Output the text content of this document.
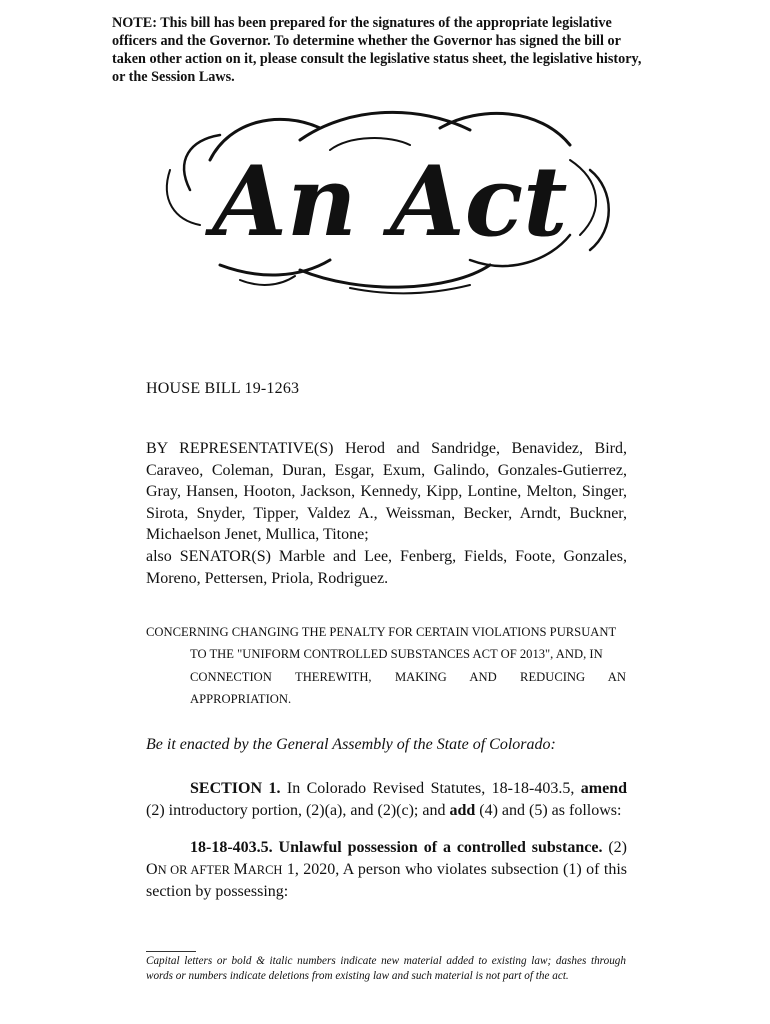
NOTE: This bill has been prepared for the signatures of the appropriate legislative officers and the Governor. To determine whether the Governor has signed the bill or taken other action on it, please consult the legislative status sheet, the legislative history, or the Session Laws.
An Act
HOUSE BILL 19-1263

BY REPRESENTATIVE(S) Herod and Sandridge, Benavidez, Bird, Caraveo, Coleman, Duran, Esgar, Exum, Galindo, Gonzales-Gutierrez, Gray, Hansen, Hooton, Jackson, Kennedy, Kipp, Lontine, Melton, Singer, Sirota, Snyder, Tipper, Valdez A., Weissman, Becker, Arndt, Buckner, Michaelson Jenet, Mullica, Titone;

also SENATOR(S) Marble and Lee, Fenberg, Fields, Foote, Gonzales, Moreno, Pettersen, Priola, Rodriguez.

CONCERNING CHANGING THE PENALTY FOR CERTAIN VIOLATIONS PURSUANT
TO THE "UNIFORM CONTROLLED SUBSTANCES ACT OF 2013", AND, IN
CONNECTION THEREWITH, MAKING AND REDUCING AN
APPROPRIATION.
Be it enacted by the General Assembly of the State of Colorado:
SECTION 1. In Colorado Revised Statutes, 18-18-403.5, amend (2) introductory portion, (2)(a), and (2)(c); and add (4) and (5) as follows:
18-18-403.5. Unlawful possession of a controlled substance. (2) ON OR AFTER MARCH 1, 2020, A person who violates subsection (1) of this section by possessing:
Capital letters or bold & italic numbers indicate new material added to existing law; dashes through words or numbers indicate deletions from existing law and such material is not part of the act.
